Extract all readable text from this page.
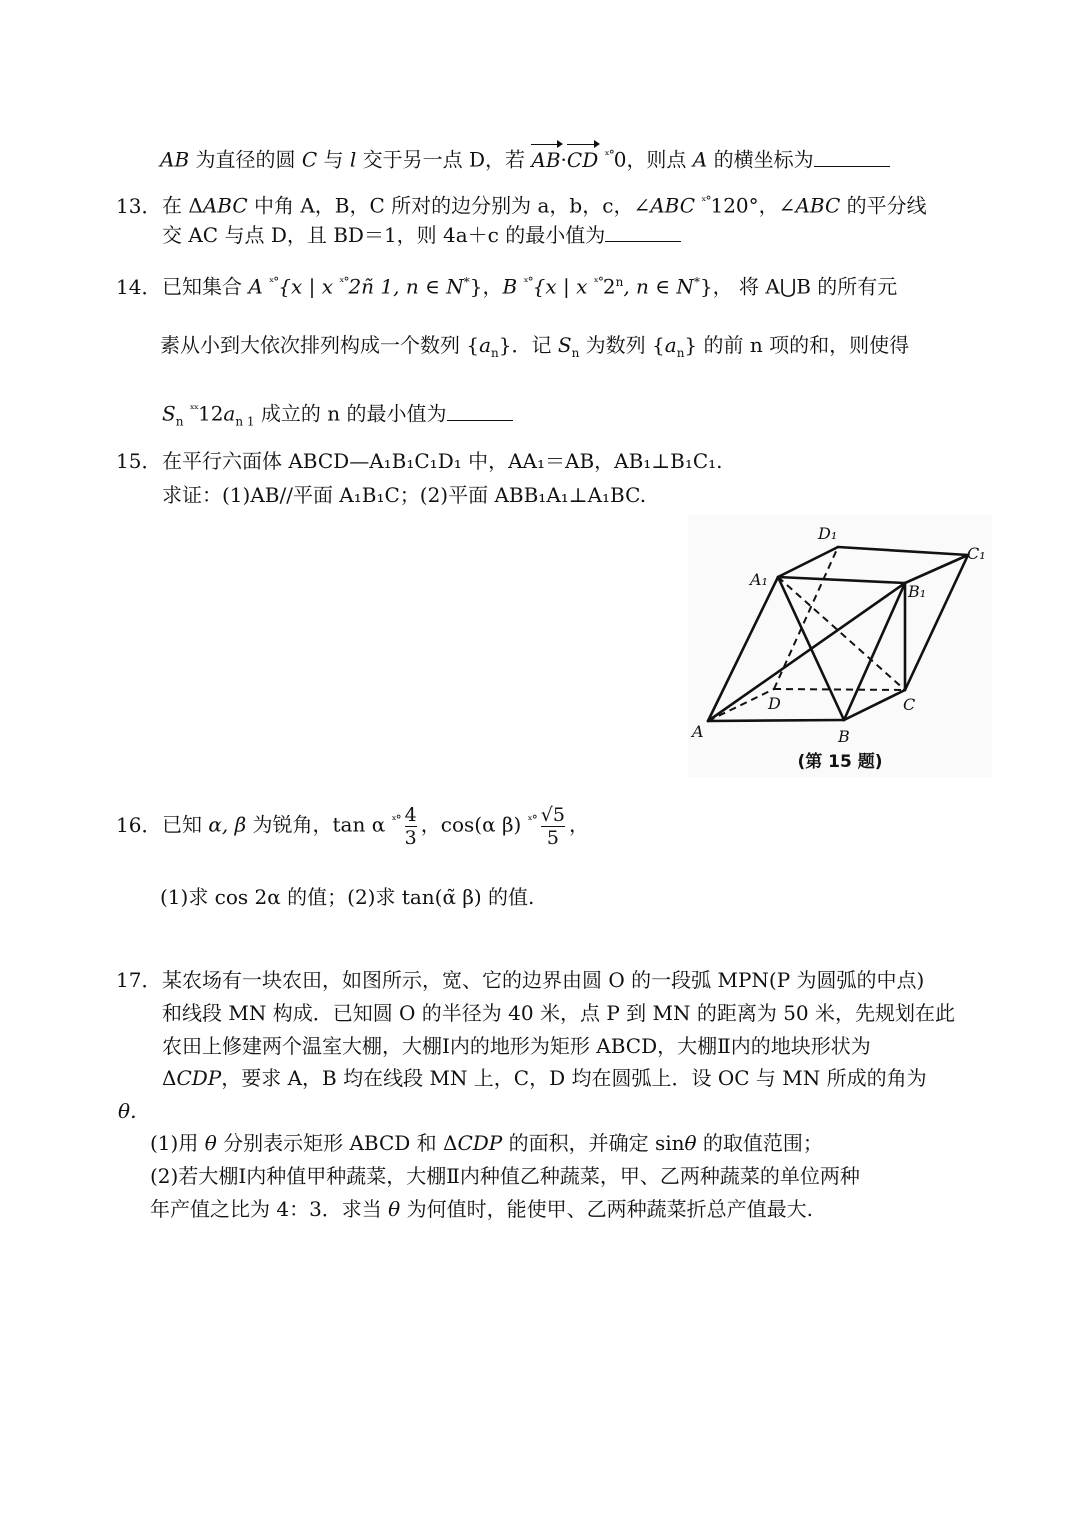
AB 为直径的圆 C 与 l 交于另一点 D，若 AB·CD $^{ˣ^\circ}$0，则点 A 的横坐标为
13．在 ΔABC 中角 A，B，C 所对的边分别为 a，b，c，∠ABC $^{ˣ^\circ}$120°，∠ABC 的平分线
交 AC 与点 D，且 BD＝1，则 4a＋c 的最小值为
14．已知集合 A $^{ˣ^\circ}${x | x $^{ˣ^\circ}$2ñ 1, n ∈ N*}，B $^{ˣ^\circ}${x | x $^{ˣ^\circ}$2$^n$, n ∈ N*}， 将 A⋃B 的所有元
素从小到大依次排列构成一个数列 $\{a_n\}$．记 $S_n$ 为数列 $\{a_n\}$ 的前 n 项的和，则使得
$S_n$ $^{ˣˣ}12a_{n 1}$ 成立的 n 的最小值为
15．在平行六面体 ABCD—A₁B₁C₁D₁ 中，AA₁＝AB，AB₁⊥B₁C₁.
求证：(1)AB//平面 A₁B₁C；(2)平面 ABB₁A₁⊥A₁BC.
A	B
C
D
A₁
B₁
C₁
D₁
(第 15 题)
16．已知 α, β 为锐角，tan α $^{ˣ^\circ} \frac{4}{3}$ ，cos(α β) $^{ˣ^\circ} \frac{√5}{5}$ ，
(1)求 cos 2α 的值；(2)求 tan(α̃ β) 的值.
17．某农场有一块农田，如图所示，宽、它的边界由圆 O 的一段弧 MPN(P 为圆弧的中点)
和线段 MN 构成．已知圆 O 的半径为 40 米，点 P 到 MN 的距离为 50 米，先规划在此
农田上修建两个温室大棚，大棚Ⅰ内的地形为矩形 ABCD，大棚Ⅱ内的地块形状为
ΔCDP，要求 A，B 均在线段 MN 上，C，D 均在圆弧上．设 OC 与 MN 所成的角为
θ．
(1)用 θ 分别表示矩形 ABCD 和 ΔCDP 的面积，并确定 sinθ 的取值范围；
(2)若大棚Ⅰ内种值甲种蔬菜，大棚Ⅱ内种值乙种蔬菜，甲、乙两种蔬菜的单位两种
年产值之比为 4：3．求当 θ 为何值时，能使甲、乙两种蔬菜折总产值最大.
